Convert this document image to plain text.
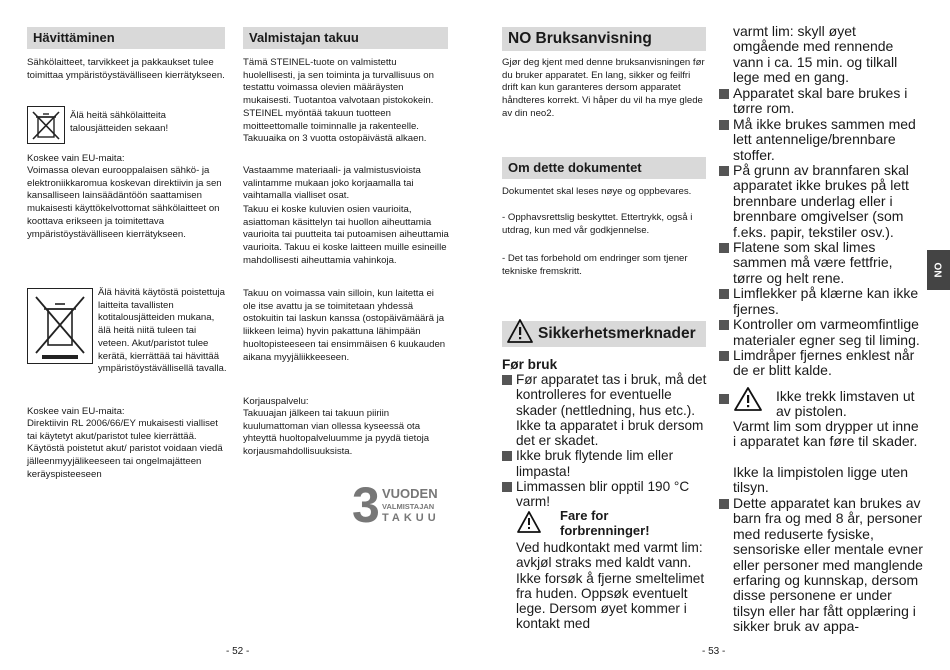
Hävittäminen
Sähkölaitteet, tarvikkeet ja pakkaukset tulee toimittaa ympäristöystävälliseen kierrätykseen.
Älä heitä sähkölaitteita talousjätteiden sekaan!
Koskee vain EU-maita:
Voimassa olevan eurooppalaisen sähkö- ja elektroniikkaromua koskevan direktiivin ja sen kansalliseen lainsäädäntöön saattamisen mukaisesti käyttökelvottomat sähkölaitteet on koottava erikseen ja toimitettava ympäristöystävälliseen kierrätykseen.
Älä hävitä käytöstä poistettuja laitteita tavallisten kotitalousjätteiden mukana, älä heitä niitä tuleen tai veteen. Akut/paristot tulee kerätä, kierrättää tai hävittää ympäristöystävällisellä tavalla.
Koskee vain EU-maita:
Direktiivin RL 2006/66/EY mukaisesti vialliset tai käytetyt akut/paristot tulee kierrättää. Käytöstä poistetut akut/ paristot voidaan viedä jälleenmyyjälikeeseen tai ongelmajätteen keräyspisteeseen
Valmistajan takuu
Tämä STEINEL-tuote on valmistettu huolellisesti, ja sen toiminta ja turvallisuus on testattu voimassa olevien määräysten mukaisesti. Tuotantoa valvotaan pistokokein. STEINEL myöntää takuun tuotteen moitteettomalle toiminnalle ja rakenteelle. Takuuaika on 3 vuotta ostopäivästä alkaen.
Vastaamme materiaali- ja valmistusvioista valintamme mukaan joko korjaamalla tai vaihtamalla vialliset osat.
Takuu ei koske kuluvien osien vaurioita, asiattoman käsittelyn tai huollon aiheuttamia vaurioita tai puutteita tai putoamisen aiheuttamia vaurioita. Takuu ei koske laitteen muille esineille mahdollisesti aiheuttamia vahinkoja.
Takuu on voimassa vain silloin, kun laitetta ei ole itse avattu ja se toimitetaan yhdessä ostokuitin tai laskun kanssa (ostopäivämäärä ja liikkeen leima) hyvin pakattuna lähimpään huoltopisteeseen tai ensimmäisen 6 kuukauden aikana myyjäliikkeeseen.
Korjauspalvelu:
Takuuajan jälkeen tai takuun piiriin kuulumattoman vian ollessa kyseessä ota yhteyttä huoltopalveluumme ja pyydä tietoja korjausmahdollisuuksista.
3 VUODEN
VALMISTAJAN
TAKUU
- 52 -
NO Bruksanvisning
Gjør deg kjent med denne bruksanvisningen før du bruker apparatet. En lang, sikker og feilfri drift kan kun garanteres dersom apparatet håndteres korrekt. Vi håper du vil ha mye glede av din neo2.
Om dette dokumentet
Dokumentet skal leses nøye og oppbevares.
- Opphavsrettslig beskyttet. Ettertrykk, også i utdrag, kun med vår godkjennelse.
- Det tas forbehold om endringer som tjener tekniske fremskritt.
Sikkerhetsmerknader
Før bruk
Før apparatet tas i bruk, må det kontrolleres for eventuelle skader (nettledning, hus etc.). Ikke ta apparatet i bruk dersom det er skadet.
Ikke bruk flytende lim eller limpasta!
Limmassen blir opptil 190 °C varm!
Fare for forbrenninger!
Ved hudkontakt med varmt lim: avkjøl straks med kaldt vann. Ikke forsøk å fjerne smeltelimet fra huden. Oppsøk eventuelt lege. Dersom øyet kommer i kontakt med
varmt lim: skyll øyet omgående med rennende vann i ca. 15 min. og tilkall lege med en gang.
Apparatet skal bare brukes i tørre rom.
Må ikke brukes sammen med lett antennelige/brennbare stoffer.
På grunn av brannfaren skal apparatet ikke brukes på lett brennbare underlag eller i brennbare omgivelser (som f.eks. papir, tekstiler osv.).
Flatene som skal limes sammen må være fettfrie, tørre og helt rene.
Limflekker på klærne kan ikke fjernes.
Kontroller om varmeomfintlige materialer egner seg til liming.
Limdråper fjernes enklest når de er blitt kalde.
Ikke trekk limstaven ut av pistolen.
Varmt lim som drypper ut inne i apparatet kan føre til skader.
Ikke la limpistolen ligge uten tilsyn.
Dette apparatet kan brukes av barn fra og med 8 år, personer med reduserte fysiske, sensoriske eller mentale evner eller personer med manglende erfaring og kunnskap, dersom disse personene er under tilsyn eller har fått opplæring i sikker bruk av appa-
NO
- 53 -
